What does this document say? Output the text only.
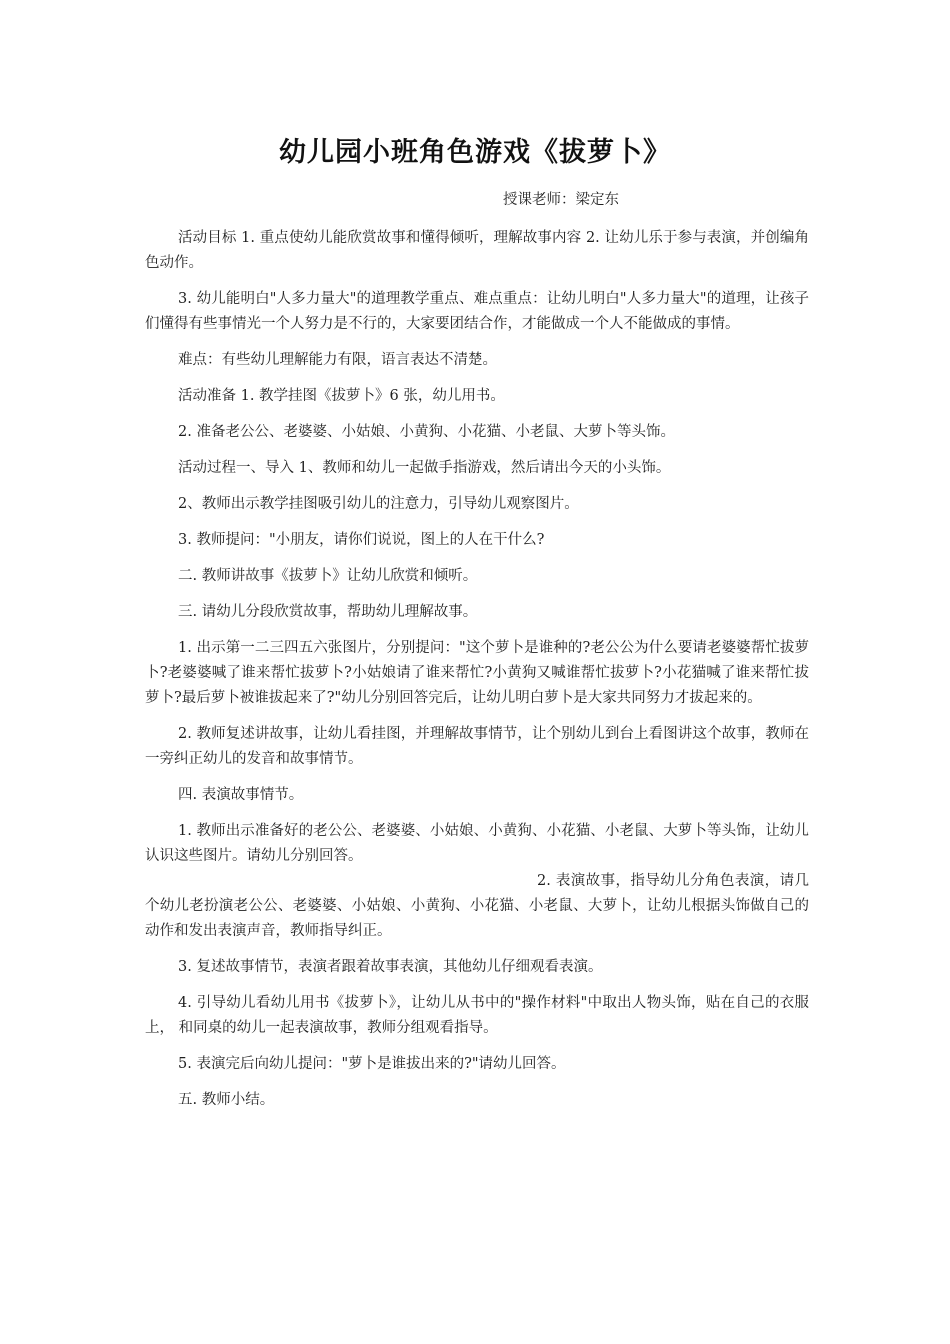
幼儿园小班角色游戏《拔萝卜》
授课老师：梁定东

活动目标 1. 重点使幼儿能欣赏故事和懂得倾听，理解故事内容 2. 让幼儿乐于参与表演，并创编角色动作。

3. 幼儿能明白"人多力量大"的道理教学重点、难点重点：让幼儿明白"人多力量大"的道理，让孩子们懂得有些事情光一个人努力是不行的，大家要团结合作，才能做成一个人不能做成的事情。

难点：有些幼儿理解能力有限，语言表达不清楚。

活动准备 1. 教学挂图《拔萝卜》6 张，幼儿用书。

2. 准备老公公、老婆婆、小姑娘、小黄狗、小花猫、小老鼠、大萝卜等头饰。

活动过程一、导入 1、教师和幼儿一起做手指游戏，然后请出今天的小头饰。

2、教师出示教学挂图吸引幼儿的注意力，引导幼儿观察图片。

3. 教师提问："小朋友，请你们说说，图上的人在干什么?

二. 教师讲故事《拔萝卜》让幼儿欣赏和倾听。

三. 请幼儿分段欣赏故事，帮助幼儿理解故事。

1. 出示第一二三四五六张图片，分别提问："这个萝卜是谁种的?老公公为什么要请老婆婆帮忙拔萝卜?老婆婆喊了谁来帮忙拔萝卜?小姑娘请了谁来帮忙?小黄狗又喊谁帮忙拔萝卜?小花猫喊了谁来帮忙拔萝卜?最后萝卜被谁拔起来了?"幼儿分别回答完后，让幼儿明白萝卜是大家共同努力才拔起来的。

2. 教师复述讲故事，让幼儿看挂图，并理解故事情节，让个别幼儿到台上看图讲这个故事，教师在一旁纠正幼儿的发音和故事情节。

四. 表演故事情节。

1. 教师出示准备好的老公公、老婆婆、小姑娘、小黄狗、小花猫、小老鼠、大萝卜等头饰，让幼儿认识这些图片。请幼儿分别回答。

2. 表演故事，指导幼儿分角色表演，请几个幼儿老扮演老公公、老婆婆、小姑娘、小黄狗、小花猫、小老鼠、大萝卜，让幼儿根据头饰做自己的动作和发出表演声音，教师指导纠正。

3. 复述故事情节，表演者跟着故事表演，其他幼儿仔细观看表演。

4. 引导幼儿看幼儿用书《拔萝卜》，让幼儿从书中的"操作材料"中取出人物头饰，贴在自己的衣服上， 和同桌的幼儿一起表演故事，教师分组观看指导。

5. 表演完后向幼儿提问："萝卜是谁拔出来的?"请幼儿回答。

五. 教师小结。
